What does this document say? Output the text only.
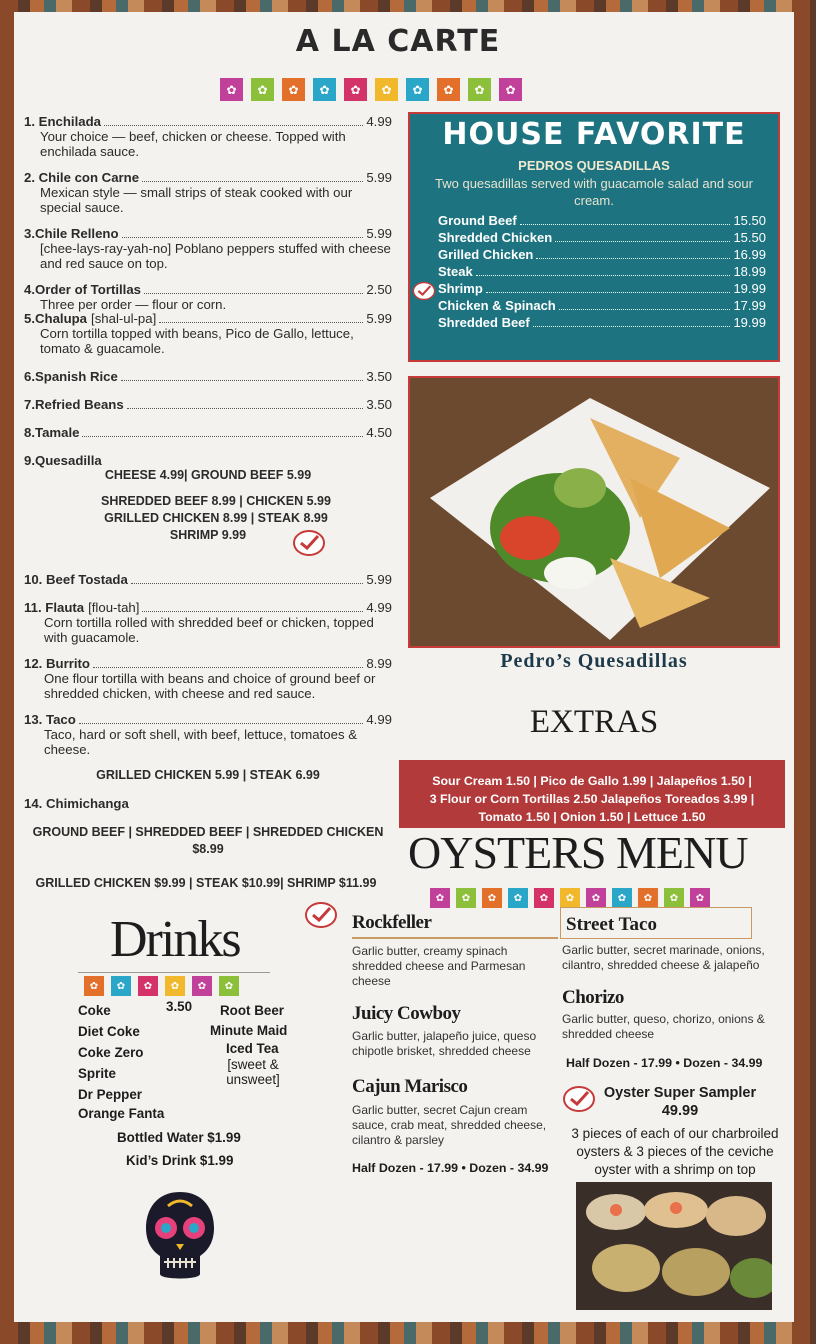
A LA CARTE
✿	✿	✿	✿	✿	✿	✿	✿	✿	✿
1. Enchilada	4.99
Your choice — beef, chicken or cheese. Topped with enchilada sauce.
2. Chile con Carne	5.99
Mexican style — small strips of steak cooked with our special sauce.
3.Chile Relleno	5.99
[chee-lays-ray-yah-no] Poblano peppers stuffed with cheese and red sauce on top.
4.Order of Tortillas	2.50
Three per order — flour or corn.
5.Chalupa [shal-ul-pa]	5.99
Corn tortilla topped with beans, Pico de Gallo, lettuce, tomato & guacamole.
6.Spanish Rice	3.50
7.Refried Beans	3.50
8.Tamale	4.50
9.Quesadilla
CHEESE 4.99| GROUND BEEF 5.99
SHREDDED BEEF 8.99 | CHICKEN 5.99
GRILLED CHICKEN 8.99 | STEAK 8.99
SHRIMP 9.99
10. Beef Tostada	5.99
11. Flauta [flou-tah]	4.99
Corn tortilla rolled with shredded beef or chicken, topped with guacamole.
12. Burrito	8.99
One flour tortilla with beans and choice of ground beef or shredded chicken, with cheese and red sauce.
13. Taco	4.99
Taco, hard or soft shell, with beef, lettuce, tomatoes & cheese.
GRILLED CHICKEN 5.99 | STEAK 6.99
14. Chimichanga
GROUND BEEF | SHREDDED BEEF | SHREDDED CHICKEN
$8.99
GRILLED CHICKEN $9.99 | STEAK $10.99| SHRIMP $11.99
HOUSE FAVORITE
PEDROS QUESADILLAS
Two quesadillas served with guacamole salad and sour cream.
Ground Beef	15.50
Shredded Chicken	15.50
Grilled Chicken	16.99
Steak	18.99
Shrimp	19.99
Chicken & Spinach	17.99
Shredded Beef	19.99
Pedro’s Quesadillas
EXTRAS
Sour Cream 1.50 | Pico de Gallo 1.99 | Jalapeños 1.50 |
3 Flour or Corn Tortillas 2.50 Jalapeños Toreados 3.99 |
Tomato 1.50 | Onion 1.50 | Lettuce 1.50
OYSTERS MENU
✿	✿	✿	✿	✿	✿	✿	✿	✿	✿	✿
Rockfeller
Garlic butter, creamy spinach shredded cheese and Parmesan cheese
Street Taco
Garlic butter, secret marinade, onions, cilantro, shredded cheese & jalapeño
Juicy Cowboy
Garlic butter, jalapeño juice, queso chipotle brisket, shredded cheese
Chorizo
Garlic butter, queso, chorizo, onions & shredded cheese
Cajun Marisco
Garlic butter, secret Cajun cream sauce, crab meat, shredded cheese, cilantro & parsley
Half Dozen - 17.99 • Dozen - 34.99
Half Dozen - 17.99 • Dozen - 34.99
Oyster Super Sampler
49.99
3 pieces of each of our charbroiled oysters & 3 pieces of the ceviche oyster with a shrimp on top
Drinks
✿	✿	✿	✿	✿	✿
Coke
Diet Coke
Coke Zero
Sprite
Dr Pepper
Orange Fanta
3.50 Root Beer
Minute Maid
Iced Tea
[sweet & unsweet]
Bottled Water $1.99
Kid’s Drink $1.99
